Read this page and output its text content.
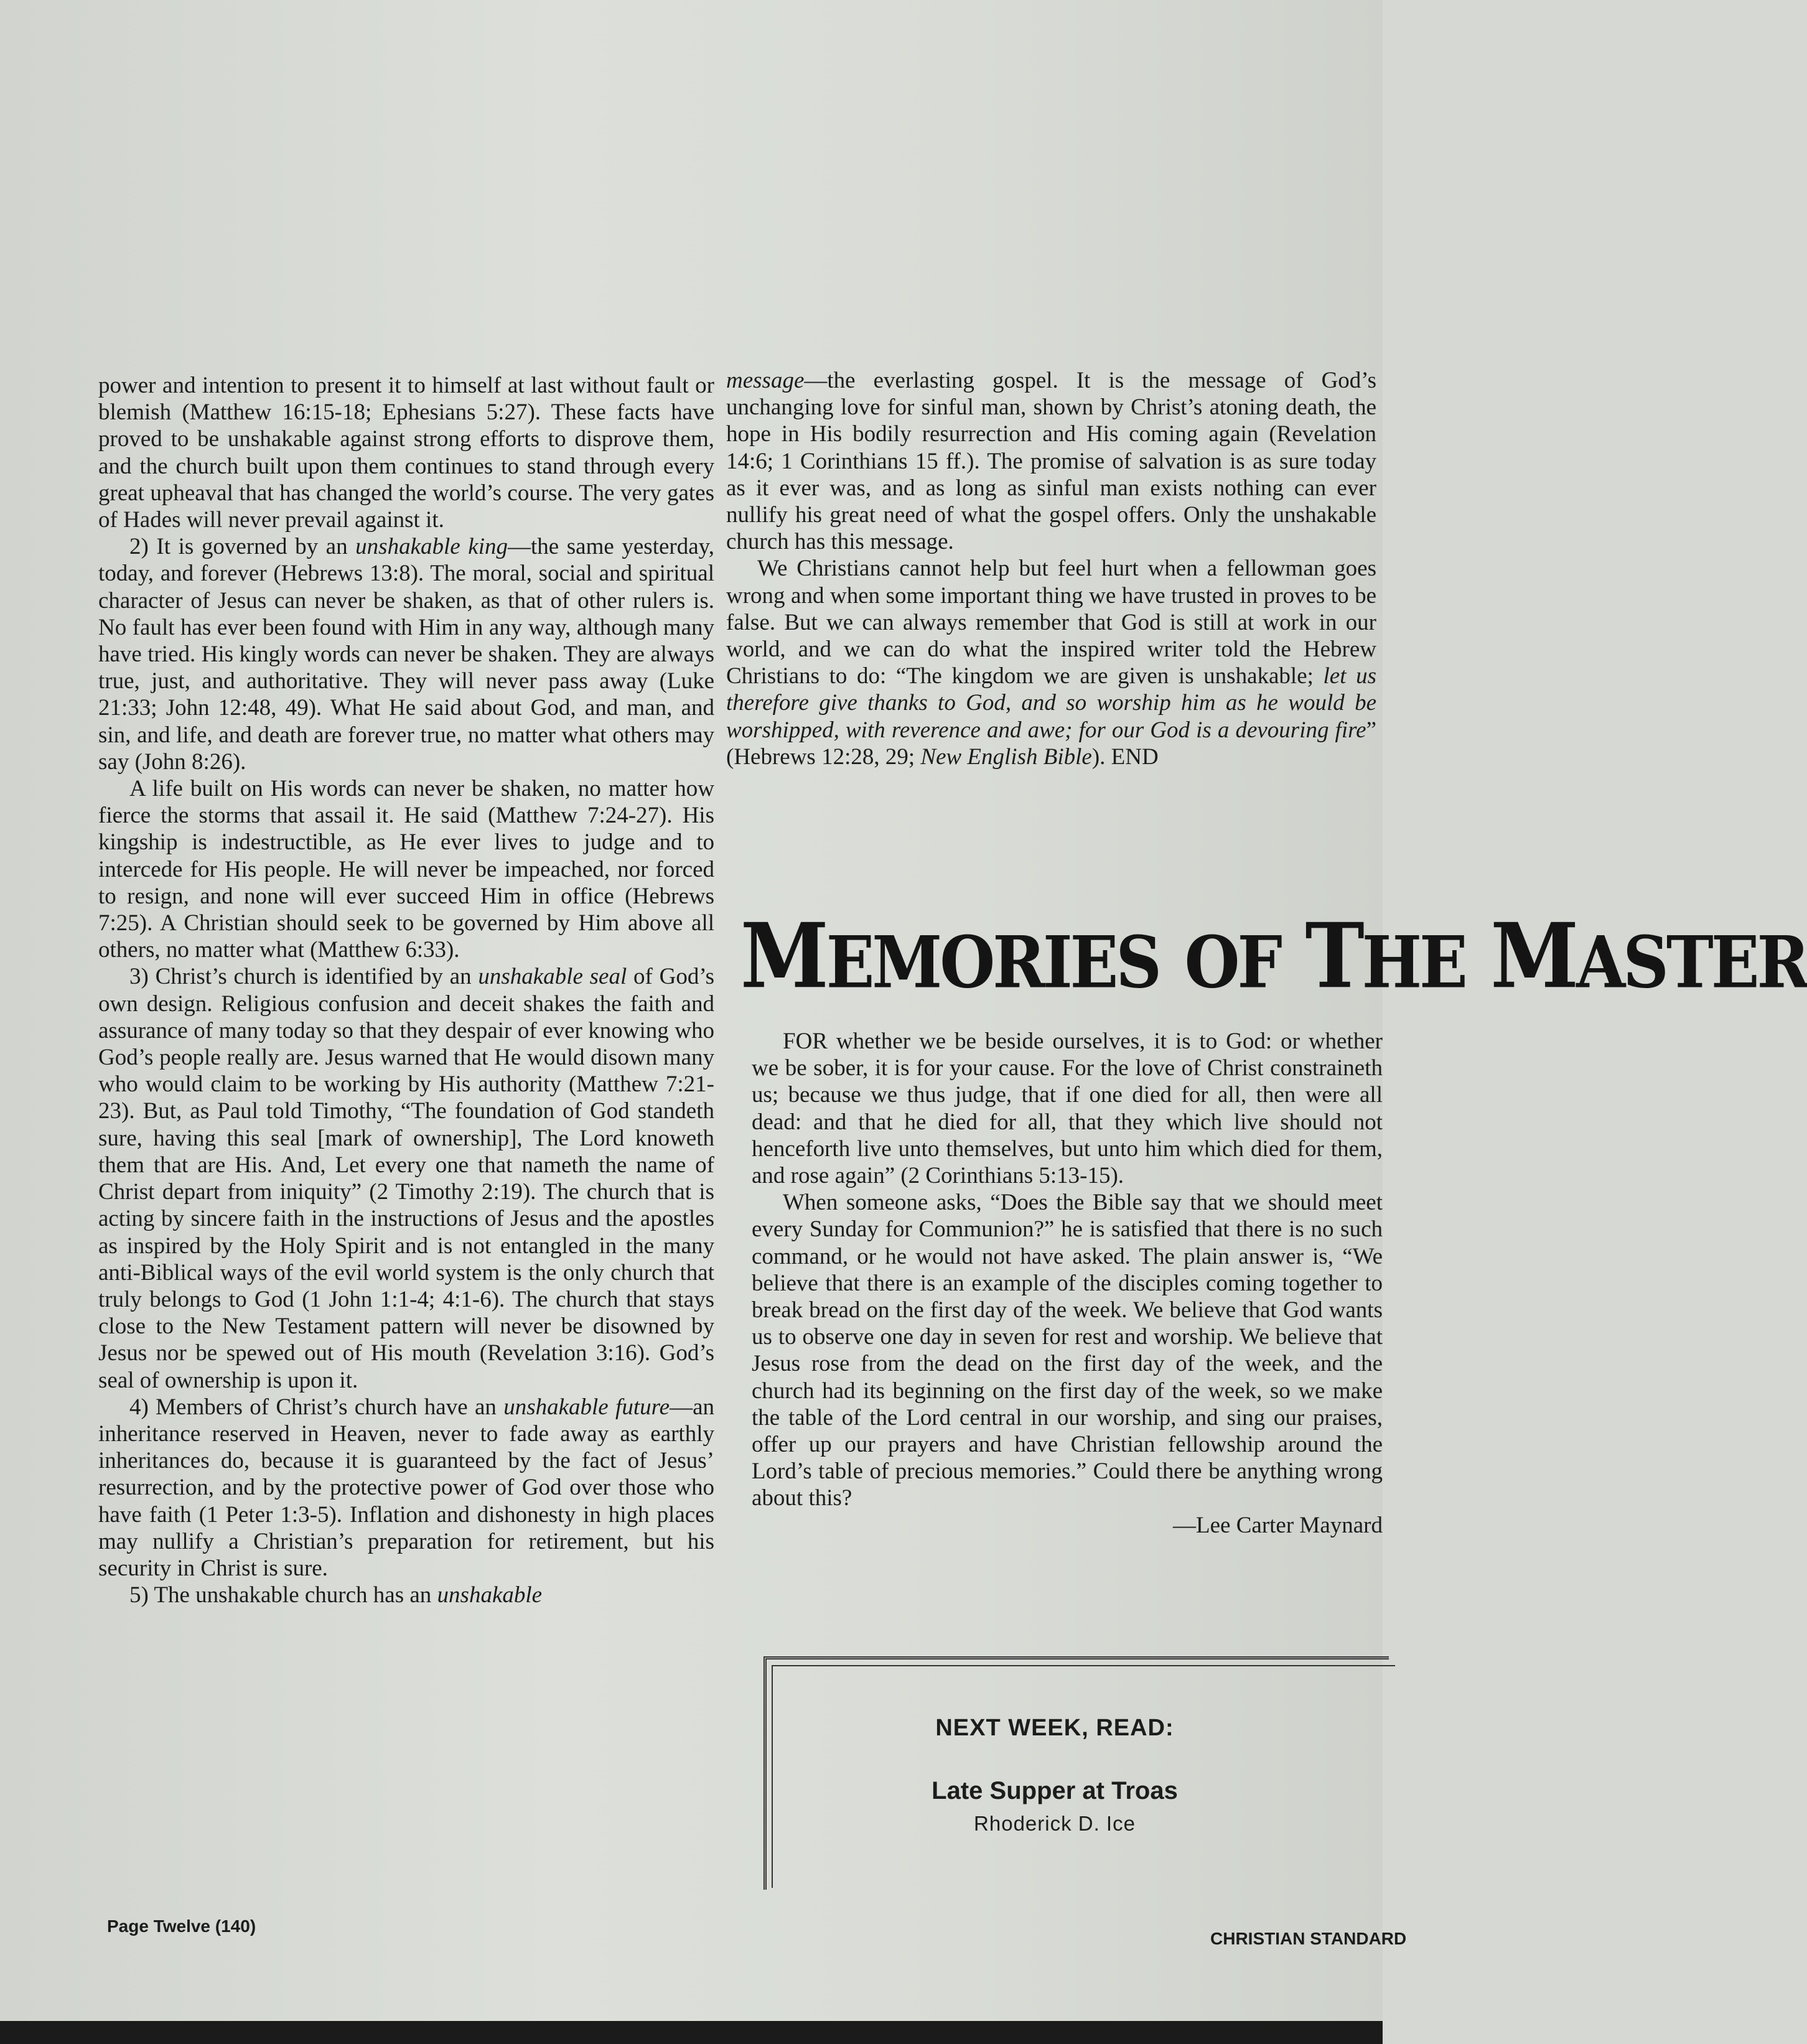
power and intention to present it to himself at last without fault or blemish (Matthew 16:15-18; Ephesians 5:27). These facts have proved to be unshakable against strong efforts to disprove them, and the church built upon them continues to stand through every great upheaval that has changed the world’s course. The very gates of Hades will never prevail against it.

2) It is governed by an unshakable king—the same yesterday, today, and forever (Hebrews 13:8). The moral, social and spiritual character of Jesus can never be shaken, as that of other rulers is. No fault has ever been found with Him in any way, although many have tried. His kingly words can never be shaken. They are always true, just, and authoritative. They will never pass away (Luke 21:33; John 12:48, 49). What He said about God, and man, and sin, and life, and death are forever true, no matter what others may say (John 8:26).

A life built on His words can never be shaken, no matter how fierce the storms that assail it. He said (Matthew 7:24-27). His kingship is indestructible, as He ever lives to judge and to intercede for His people. He will never be impeached, nor forced to resign, and none will ever succeed Him in office (Hebrews 7:25). A Christian should seek to be governed by Him above all others, no matter what (Matthew 6:33).

3) Christ’s church is identified by an unshakable seal of God’s own design. Religious confusion and deceit shakes the faith and assurance of many today so that they despair of ever knowing who God’s people really are. Jesus warned that He would disown many who would claim to be working by His authority (Matthew 7:21-23). But, as Paul told Timothy, “The foundation of God standeth sure, having this seal [mark of ownership], The Lord knoweth them that are His. And, Let every one that nameth the name of Christ depart from iniquity” (2 Timothy 2:19). The church that is acting by sincere faith in the instructions of Jesus and the apostles as inspired by the Holy Spirit and is not entangled in the many anti-Biblical ways of the evil world system is the only church that truly belongs to God (1 John 1:1-4; 4:1-6). The church that stays close to the New Testament pattern will never be disowned by Jesus nor be spewed out of His mouth (Revelation 3:16). God’s seal of ownership is upon it.

4) Members of Christ’s church have an unshakable future—an inheritance reserved in Heaven, never to fade away as earthly inheritances do, because it is guaranteed by the fact of Jesus’ resurrection, and by the protective power of God over those who have faith (1 Peter 1:3-5). Inflation and dishonesty in high places may nullify a Christian’s preparation for retirement, but his security in Christ is sure.

5) The unshakable church has an unshakable

message—the everlasting gospel. It is the message of God’s unchanging love for sinful man, shown by Christ’s atoning death, the hope in His bodily resurrection and His coming again (Revelation 14:6; 1 Corinthians 15 ff.). The promise of salvation is as sure today as it ever was, and as long as sinful man exists nothing can ever nullify his great need of what the gospel offers. Only the unshakable church has this message.

We Christians cannot help but feel hurt when a fellowman goes wrong and when some important thing we have trusted in proves to be false. But we can always remember that God is still at work in our world, and we can do what the inspired writer told the Hebrew Christians to do: “The kingdom we are given is unshakable; let us therefore give thanks to God, and so worship him as he would be worshipped, with reverence and awe; for our God is a devouring fire” (Hebrews 12:28, 29; New English Bible). END

MEMORIES OF THE MASTER

FOR whether we be beside ourselves, it is to God: or whether we be sober, it is for your cause. For the love of Christ constraineth us; because we thus judge, that if one died for all, then were all dead: and that he died for all, that they which live should not henceforth live unto themselves, but unto him which died for them, and rose again” (2 Corinthians 5:13-15).

When someone asks, “Does the Bible say that we should meet every Sunday for Communion?” he is satisfied that there is no such command, or he would not have asked. The plain answer is, “We believe that there is an example of the disciples coming together to break bread on the first day of the week. We believe that God wants us to observe one day in seven for rest and worship. We believe that Jesus rose from the dead on the first day of the week, and the church had its beginning on the first day of the week, so we make the table of the Lord central in our worship, and sing our praises, offer up our prayers and have Christian fellowship around the Lord’s table of precious memories.” Could there be anything wrong about this?

—Lee Carter Maynard
NEXT WEEK, READ:
Late Supper at Troas
Rhoderick D. Ice
Page Twelve (140)
CHRISTIAN STANDARD
